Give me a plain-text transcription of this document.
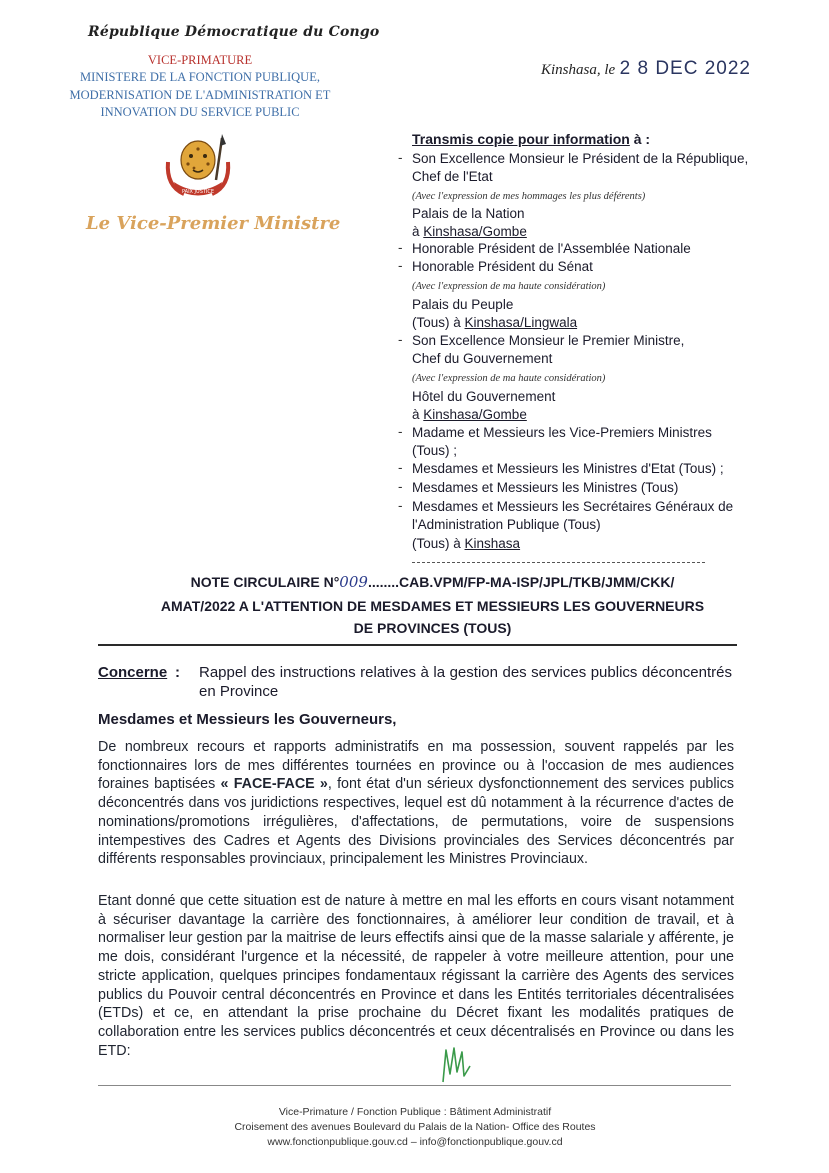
République Démocratique du Congo
VICE-PRIMATURE
MINISTERE DE LA FONCTION PUBLIQUE,
MODERNISATION DE L'ADMINISTRATION ET
INNOVATION DU SERVICE PUBLIC
PAIX JUSTICE
Le Vice-Premier Ministre
Kinshasa, le 2 8 DEC 2022
Transmis copie pour information à :
- Son Excellence Monsieur le Président de la République,
Chef de l'Etat
(Avec l'expression de mes hommages les plus déférents)
Palais de la Nation
à Kinshasa/Gombe
- Honorable Président de l'Assemblée Nationale
- Honorable Président du Sénat
(Avec l'expression de ma haute considération)
Palais du Peuple
(Tous) à Kinshasa/Lingwala
- Son Excellence Monsieur le Premier Ministre,
Chef du Gouvernement
(Avec l'expression de ma haute considération)
Hôtel du Gouvernement
à Kinshasa/Gombe
- Madame et Messieurs les Vice-Premiers Ministres
(Tous) ;
- Mesdames et Messieurs les Ministres d'Etat (Tous) ;
- Mesdames et Messieurs les Ministres (Tous)
- Mesdames et Messieurs les Secrétaires Généraux de
l'Administration Publique (Tous)
(Tous) à Kinshasa
NOTE CIRCULAIRE N°009........CAB.VPM/FP-MA-ISP/JPL/TKB/JMM/CKK/
AMAT/2022 A L'ATTENTION DE MESDAMES ET MESSIEURS LES GOUVERNEURS
DE PROVINCES (TOUS)
Concerne : Rappel des instructions relatives à la gestion des services publics déconcentrés en Province
Mesdames et Messieurs les Gouverneurs,
De nombreux recours et rapports administratifs en ma possession, souvent rappelés par les fonctionnaires lors de mes différentes tournées en province ou à l'occasion de mes audiences foraines baptisées « FACE-FACE », font état d'un sérieux dysfonctionnement des services publics déconcentrés dans vos juridictions respectives, lequel est dû notamment à la récurrence d'actes de nominations/promotions irrégulières, d'affectations, de permutations, voire de suspensions intempestives des Cadres et Agents des Divisions provinciales des Services déconcentrés par différents responsables provinciaux, principalement les Ministres Provinciaux.
Etant donné que cette situation est de nature à mettre en mal les efforts en cours visant notamment à sécuriser davantage la carrière des fonctionnaires, à améliorer leur condition de travail, et à normaliser leur gestion par la maitrise de leurs effectifs ainsi que de la masse salariale y afférente, je me dois, considérant l'urgence et la nécessité, de rappeler à votre meilleure attention, pour une stricte application, quelques principes fondamentaux régissant la carrière des Agents des services publics du Pouvoir central déconcentrés en Province et dans les Entités territoriales décentralisées (ETDs) et ce, en attendant la prise prochaine du Décret fixant les modalités pratiques de collaboration entre les services publics déconcentrés et ceux décentralisés en Province ou dans les ETD:
Vice-Primature / Fonction Publique : Bâtiment Administratif
Croisement des avenues Boulevard du Palais de la Nation- Office des Routes
www.fonctionpublique.gouv.cd – info@fonctionpublique.gouv.cd
